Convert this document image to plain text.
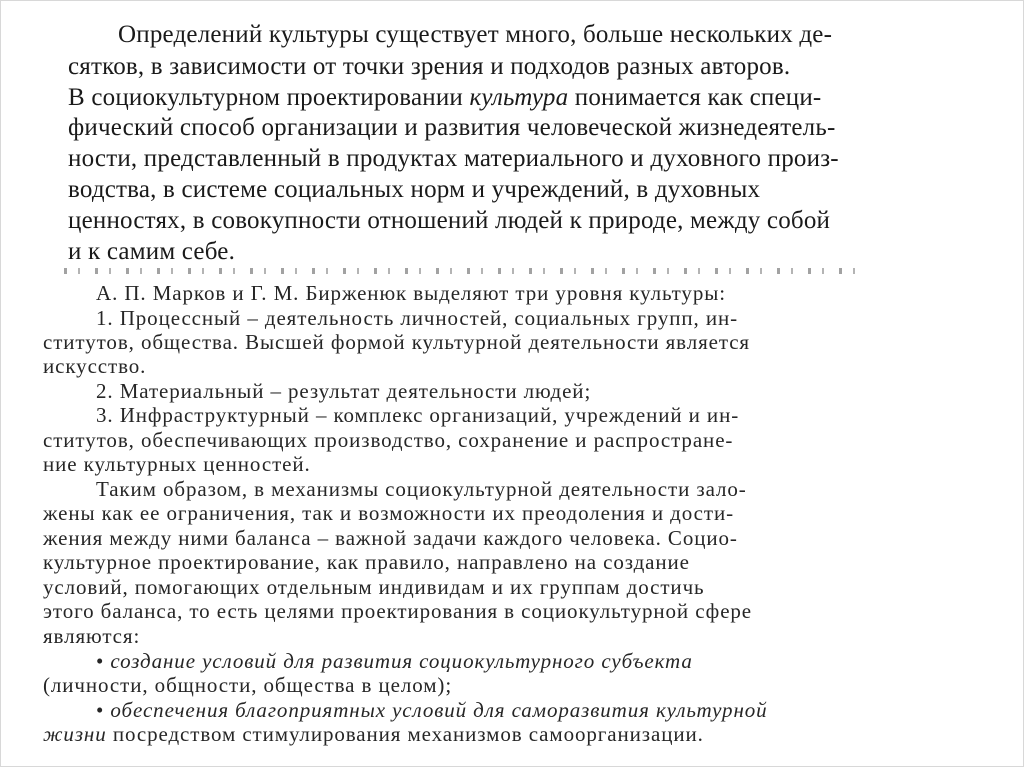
Определений культуры существует много, больше нескольких де-
сятков, в зависимости от точки зрения и подходов разных авторов.
В социокультурном проектировании культура понимается как специ-
фический способ организации и развития человеческой жизнедеятель-
ности, представленный в продуктах материального и духовного произ-
водства, в системе социальных норм и учреждений, в духовных
ценностях, в совокупности отношений людей к природе, между собой
и к самим себе.
А. П. Марков и Г. М. Бирженюк выделяют три уровня культуры:
1. Процессный – деятельность личностей, социальных групп, ин-
ститутов, общества. Высшей формой культурной деятельности является
искусство.
2. Материальный – результат деятельности людей;
3. Инфраструктурный – комплекс организаций, учреждений и ин-
ститутов, обеспечивающих производство, сохранение и распростране-
ние культурных ценностей.
Таким образом, в механизмы социокультурной деятельности зало-
жены как ее ограничения, так и возможности их преодоления и дости-
жения между ними баланса – важной задачи каждого человека. Социо-
культурное проектирование, как правило, направлено на создание
условий, помогающих отдельным индивидам и их группам достичь
этого баланса, то есть целями проектирования в социокультурной сфере
являются:
• создание условий для развития социокультурного субъекта
(личности, общности, общества в целом);
• обеспечения благоприятных условий для саморазвития культурной
жизни посредством стимулирования механизмов самоорганизации.
